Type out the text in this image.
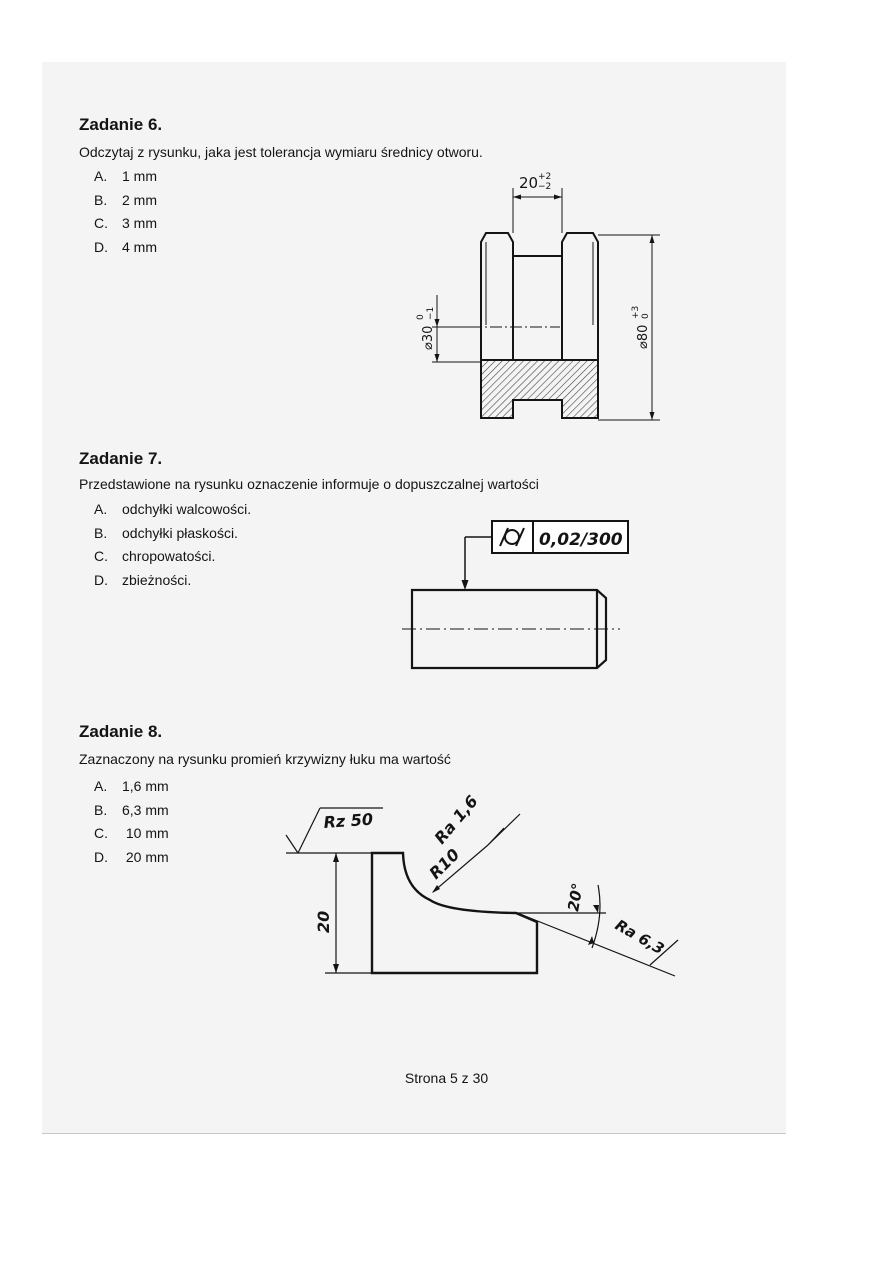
Zadanie 6.
Odczytaj z rysunku, jaka jest tolerancja wymiaru średnicy otworu.
A. 1 mm
B. 2 mm
C. 3 mm
D. 4 mm
20 +2
−2
⌀30
0 −1
⌀80
+3 0
Zadanie 7.
Przedstawione na rysunku oznaczenie informuje o dopuszczalnej wartości
A. odchyłki walcowości.
B. odchyłki płaskości.
C. chropowatości.
D. zbieżności.
0,02/300
Zadanie 8.
Zaznaczony na rysunku promień krzywizny łuku ma wartość
A. 1,6 mm
B. 6,3 mm
C. 10 mm
D. 20 mm
Rz 50	Ra 1,6
R10
20
20°
Ra 6,3
Strona 5 z 30
